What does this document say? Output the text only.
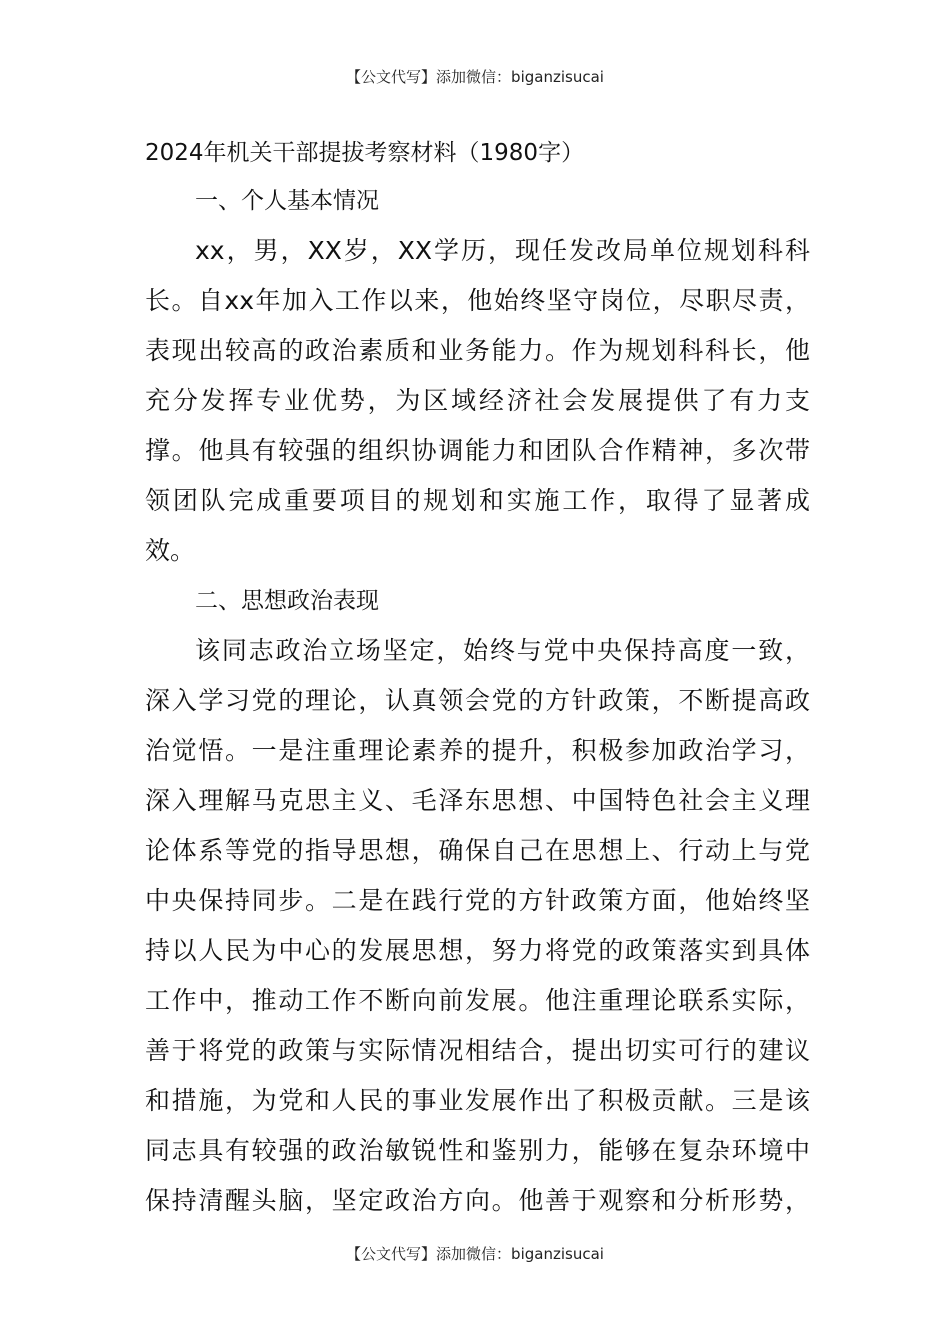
【公文代写】添加微信：biganzisucai
2024年机关干部提拔考察材料（1980字）
一、个人基本情况

xx，男，XX岁，XX学历，现任发改局单位规划科科
长。自xx年加入工作以来，他始终坚守岗位，尽职尽责，
表现出较高的政治素质和业务能力。作为规划科科长，他
充分发挥专业优势，为区域经济社会发展提供了有力支
撑。他具有较强的组织协调能力和团队合作精神，多次带
领团队完成重要项目的规划和实施工作，取得了显著成
效。

二、思想政治表现

该同志政治立场坚定，始终与党中央保持高度一致，
深入学习党的理论，认真领会党的方针政策，不断提高政
治觉悟。一是注重理论素养的提升，积极参加政治学习，
深入理解马克思主义、毛泽东思想、中国特色社会主义理
论体系等党的指导思想，确保自己在思想上、行动上与党
中央保持同步。二是在践行党的方针政策方面，他始终坚
持以人民为中心的发展思想，努力将党的政策落实到具体
工作中，推动工作不断向前发展。他注重理论联系实际，
善于将党的政策与实际情况相结合，提出切实可行的建议
和措施，为党和人民的事业发展作出了积极贡献。三是该
同志具有较强的政治敏锐性和鉴别力，能够在复杂环境中
保持清醒头脑，坚定政治方向。他善于观察和分析形势，

【公文代写】添加微信：biganzisucai
